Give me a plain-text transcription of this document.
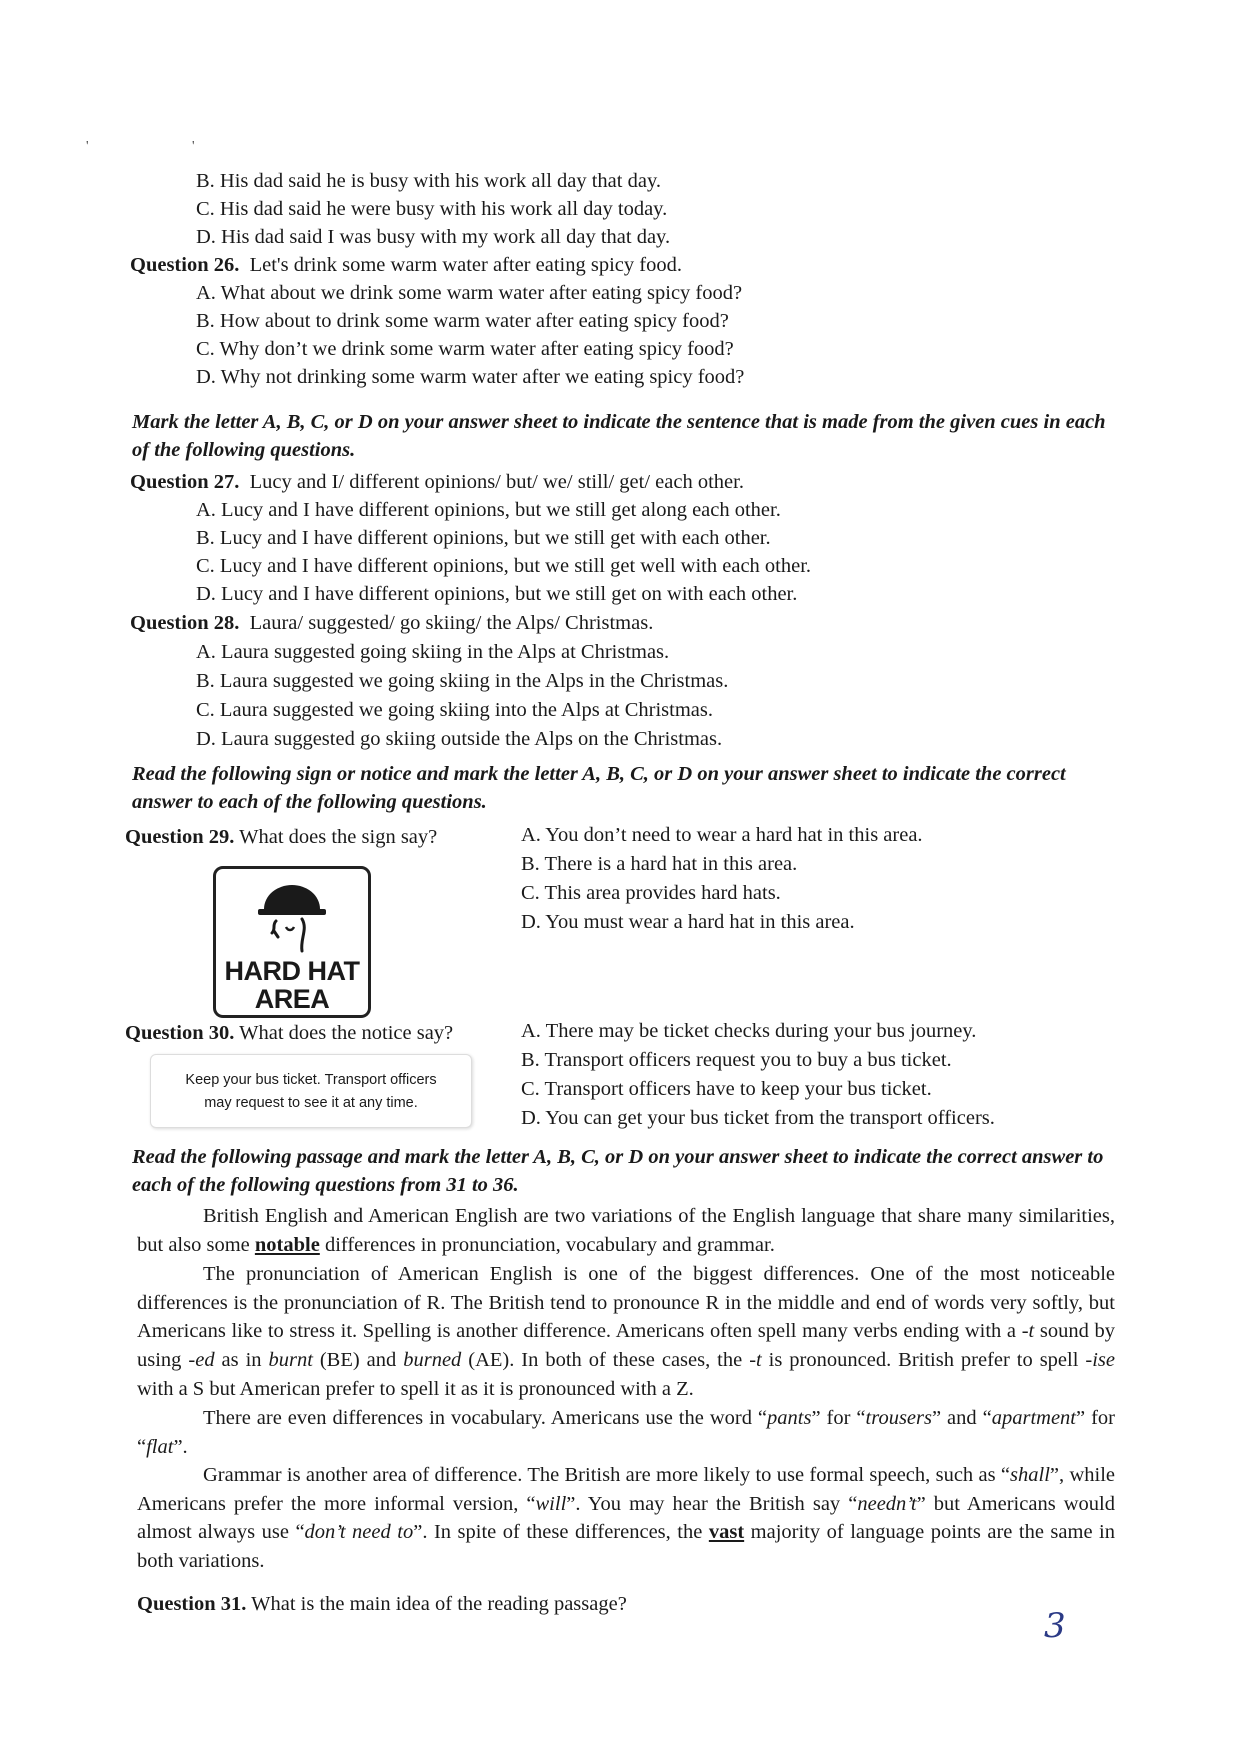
' '
B. His dad said he is busy with his work all day that day.
C. His dad said he were busy with his work all day today.
D. His dad said I was busy with my work all day that day.
Question 26. Let's drink some warm water after eating spicy food.
A. What about we drink some warm water after eating spicy food?
B. How about to drink some warm water after eating spicy food?
C. Why don’t we drink some warm water after eating spicy food?
D. Why not drinking some warm water after we eating spicy food?
Mark the letter A, B, C, or D on your answer sheet to indicate the sentence that is made from the given cues in each of the following questions.
Question 27. Lucy and I/ different opinions/ but/ we/ still/ get/ each other.
A. Lucy and I have different opinions, but we still get along each other.
B. Lucy and I have different opinions, but we still get with each other.
C. Lucy and I have different opinions, but we still get well with each other.
D. Lucy and I have different opinions, but we still get on with each other.
Question 28. Laura/ suggested/ go skiing/ the Alps/ Christmas.
A. Laura suggested going skiing in the Alps at Christmas.
B. Laura suggested we going skiing in the Alps in the Christmas.
C. Laura suggested we going skiing into the Alps at Christmas.
D. Laura suggested go skiing outside the Alps on the Christmas.
Read the following sign or notice and mark the letter A, B, C, or D on your answer sheet to indicate the correct answer to each of the following questions.
Question 29. What does the sign say?	A. You don’t need to wear a hard hat in this area.
B. There is a hard hat in this area.
C. This area provides hard hats.
D. You must wear a hard hat in this area.
HARD HAT
AREA
Question 30. What does the notice say?	A. There may be ticket checks during your bus journey.
B. Transport officers request you to buy a bus ticket.
C. Transport officers have to keep your bus ticket.
D. You can get your bus ticket from the transport officers.
Keep your bus ticket. Transport officers
may request to see it at any time.
Read the following passage and mark the letter A, B, C, or D on your answer sheet to indicate the correct answer to each of the following questions from 31 to 36.
British English and American English are two variations of the English language that share many similarities, but also some notable differences in pronunciation, vocabulary and grammar.
The pronunciation of American English is one of the biggest differences. One of the most noticeable differences is the pronunciation of R. The British tend to pronounce R in the middle and end of words very softly, but Americans like to stress it. Spelling is another difference. Americans often spell many verbs ending with a -t sound by using -ed as in burnt (BE) and burned (AE). In both of these cases, the -t is pronounced. British prefer to spell -ise with a S but American prefer to spell it as it is pronounced with a Z.
There are even differences in vocabulary. Americans use the word “pants” for “trousers” and “apartment” for “flat”.
Grammar is another area of difference. The British are more likely to use formal speech, such as “shall”, while Americans prefer the more informal version, “will”. You may hear the British say “needn’t” but Americans would almost always use “don’t need to”. In spite of these differences, the vast majority of language points are the same in both variations.
Question 31. What is the main idea of the reading passage?
3
